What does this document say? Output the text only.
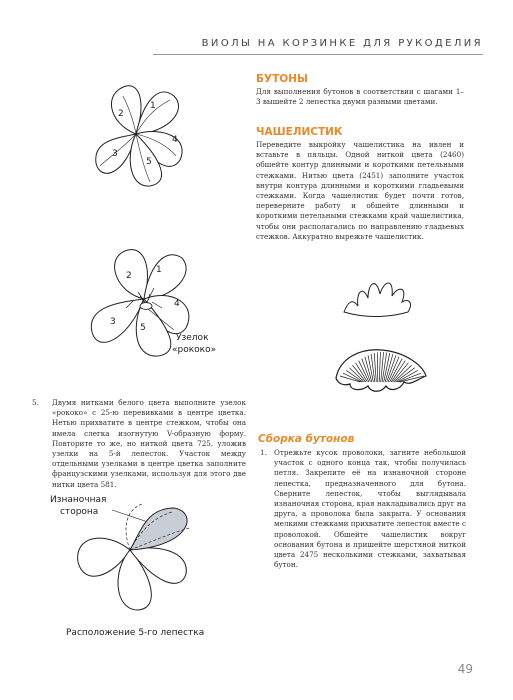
ВИОЛЫ НА КОРЗИНКЕ ДЛЯ РУКОДЕЛИЯ
1
2
3
4
5
1
2
3
4
5
Узелок
«рококо»
5.	Двумя нитками белого цвета выполните узелок «рококо» с 25-ю перевивками в центре цветка. Нетью прихватите в центре стежком, чтобы она имела слегка изогнутую V-образную форму. Повторите то же, но ниткой цвета 725, уложив узелки на 5-й лепесток. Участок между отдельными узелками в центре цветка заполните французскими узелками, используя для этого две нитки цвета 581.
Изнаночная
сторона
Расположение 5-го лепестка
БУТОНЫ
Для выполнения бутонов в соответствии с шагами 1–3 вышейте 2 лепестка двумя разными цветами.
ЧАШЕЛИСТИК
Переведите выкройку чашелистика на ивлен и вставьте в пяльцы. Одной ниткой цвета (2460) обшейте контур длинными и короткими петельными стежками. Нитью цвета (2451) заполните участок внутри контура длинными и короткими гладьевыми стежками. Когда чашелистик будет почти готов, переверните работу и обшейте длинными и короткими петельными стежками край чашелистика, чтобы они располагались по направлению гладьевых стежков. Аккуратно вырежьте чашелистик.
Сборка бутонов
1. Отрежьте кусок проволоки, загните небольшой участок с одного конца так, чтобы получилась петля. Закрепите её на изнаночной стороне лепестка, предназначенного для бутона. Сверните лепесток, чтобы выглядывала изнаночная сторона, края накладывались друг на друга, а проволока была закрыта. У основания мелкими стежками прихватите лепесток вместе с проволокой. Обшейте чашелистик вокруг основания бутона и пришейте шерстяной ниткой цвета 2475 несколькими стежками, захватывая бутон.
49
